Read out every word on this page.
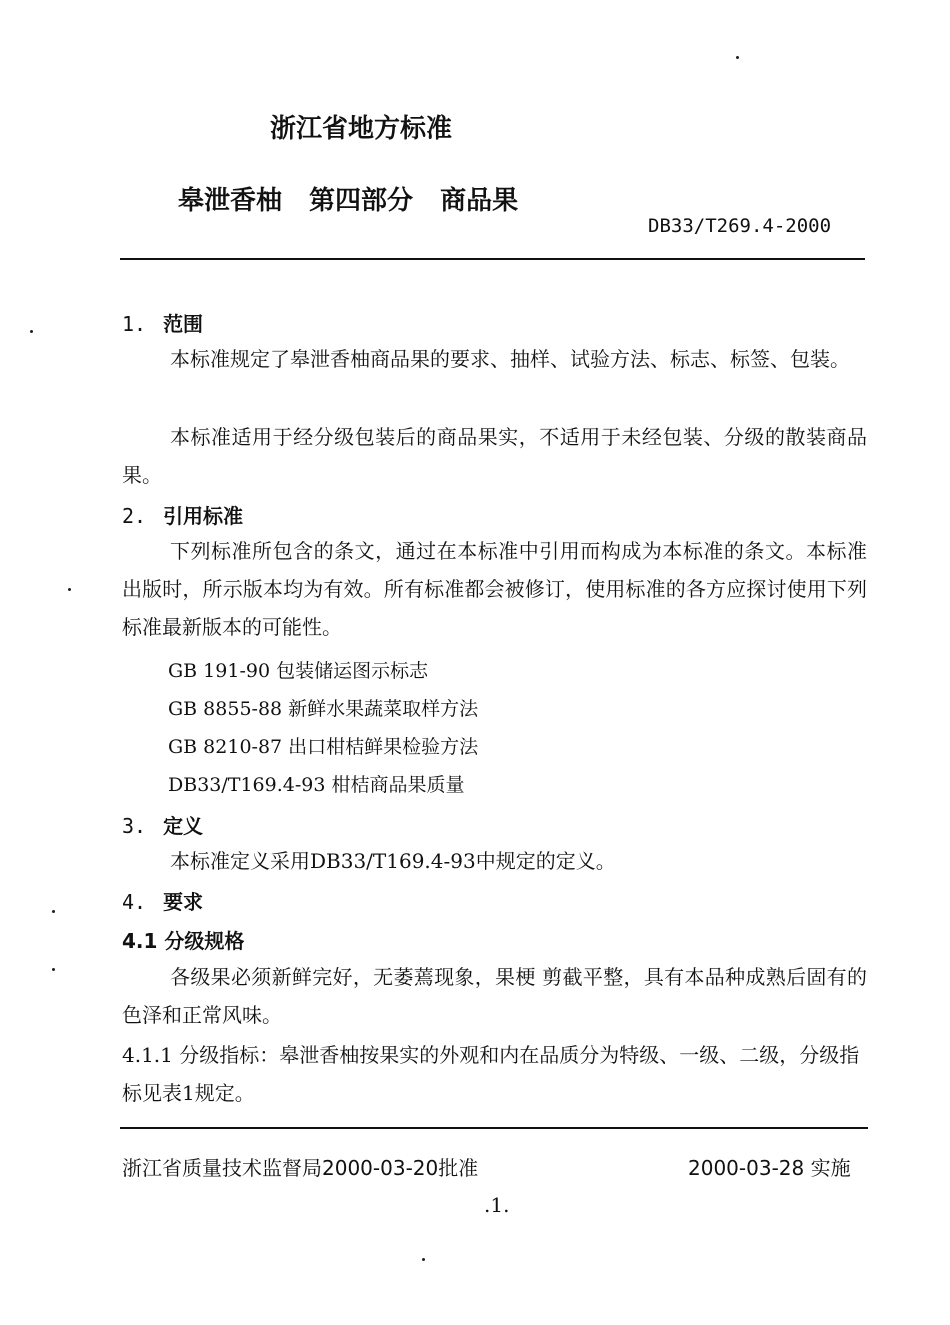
浙江省地方标准
皋泄香柚 第四部分 商品果
DB33/T269.4-2000
1. 范围
本标准规定了皋泄香柚商品果的要求、抽样、试验方法、标志、标签、包装。
本标准适用于经分级包装后的商品果实，不适用于未经包装、分级的散装商品果。
2. 引用标准
下列标准所包含的条文，通过在本标准中引用而构成为本标准的条文。本标准出版时，所示版本均为有效。所有标准都会被修订，使用标准的各方应探讨使用下列标准最新版本的可能性。
GB 191-90 包装储运图示标志
GB 8855-88 新鲜水果蔬菜取样方法
GB 8210-87 出口柑桔鲜果检验方法
DB33/T169.4-93 柑桔商品果质量
3. 定义
本标准定义采用DB33/T169.4-93中规定的定义。
4. 要求
4.1 分级规格
各级果必须新鲜完好，无萎蔫现象，果梗 剪截平整，具有本品种成熟后固有的色泽和正常风味。
4.1.1 分级指标：皋泄香柚按果实的外观和内在品质分为特级、一级、二级，分级指标见表1规定。
浙江省质量技术监督局2000-03-20批准	2000-03-28 实施
.1.
